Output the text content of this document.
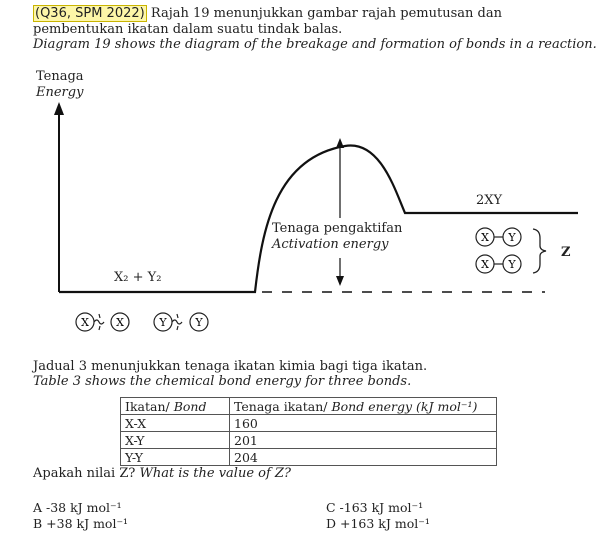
(Q36, SPM 2022) Rajah 19 menunjukkan gambar rajah pemutusan dan
pembentukan ikatan dalam suatu tindak balas.
Diagram 19 shows the diagram of the breakage and formation of bonds in a reaction.
Tenaga
Energy
X₂ + Y₂
2XY
Tenaga pengaktifan
Activation energy	X Y
X Y
Z
X X	Y	Y
Jadual 3 menunjukkan tenaga ikatan kimia bagi tiga ikatan.
Table 3 shows the chemical bond energy for three bonds.
Ikatan/ Bond	Tenaga ikatan/ Bond energy (kJ mol⁻¹)
X-X	160
X-Y	201
Y-Y	204
Apakah nilai Z? What is the value of Z?
A -38 kJ mol⁻¹
B +38 kJ mol⁻¹
C -163 kJ mol⁻¹
D +163 kJ mol⁻¹
